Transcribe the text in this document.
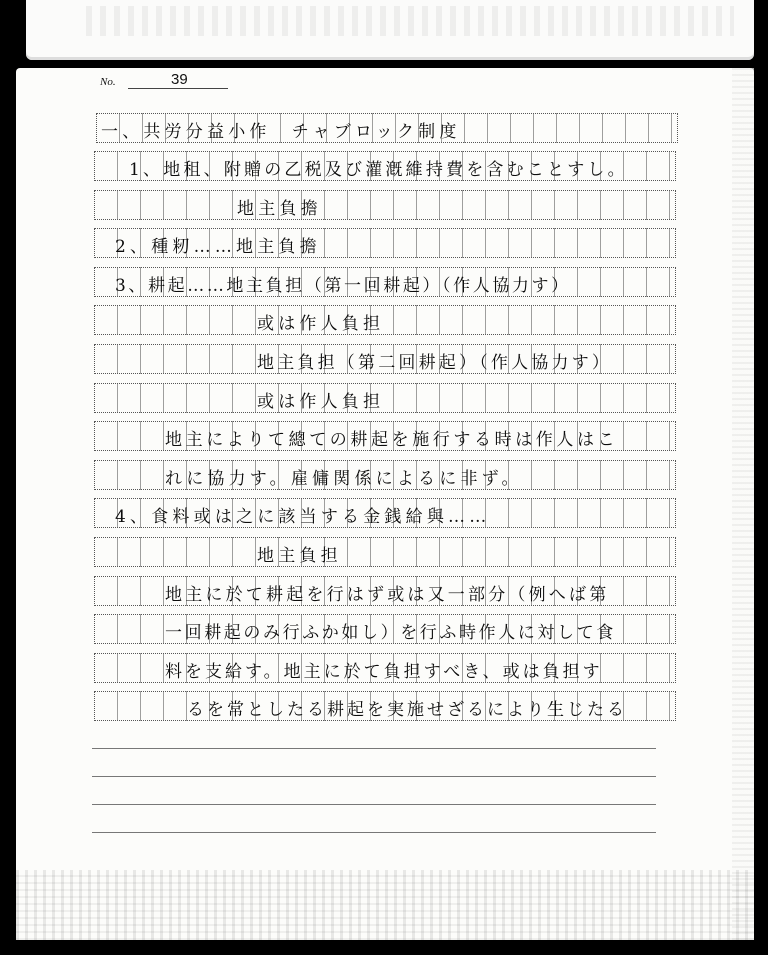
No.	39
一、共労分益小作　チャブロック制度
1、地租、附贈の乙税及び灌漑維持費を含むことすし。
地主負擔
2、種籾……地主負擔
3、耕起……地主負担（第一回耕起）（作人協力す）
或は作人負担
地主負担（第二回耕起）（作人協力す）
或は作人負担
地主によりて總ての耕起を施行する時は作人はこ
れに協力す。雇傭関係によるに非ず。
4、食料或は之に該当する金銭給與……
地主負担
地主に於て耕起を行はず或は又一部分（例へば第
一回耕起のみ行ふか如し）を行ふ時作人に対して食
料を支給す。地主に於て負担すべき、或は負担す
るを常としたる耕起を実施せざるにより生じたる
